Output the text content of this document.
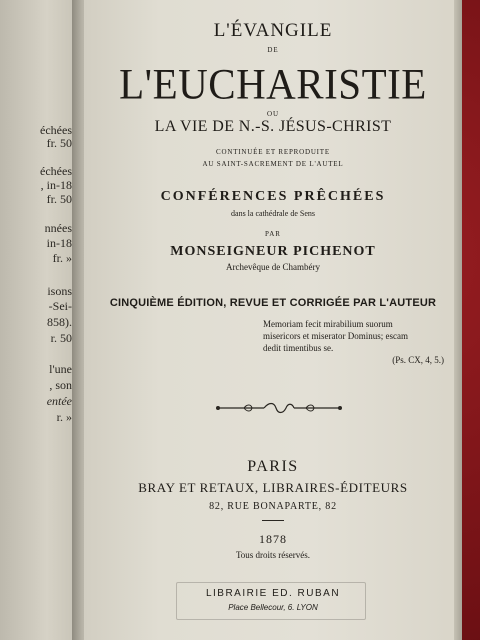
échées
fr. 50
échées
, in-18
fr. 50
nnées
in-18
fr. »
isons
-Sei-
858).
r. 50
l'une
, son
entée
r. »
L'ÉVANGILE
DE
L'EUCHARISTIE
OU
LA VIE DE N.-S. JÉSUS-CHRIST
CONTINUÉE ET REPRODUITE
AU SAINT-SACREMENT DE L'AUTEL
CONFÉRENCES PRÊCHÉES
dans la cathédrale de Sens
PAR
MONSEIGNEUR PICHENOT
Archevêque de Chambéry
CINQUIÈME ÉDITION, REVUE ET CORRIGÉE PAR L'AUTEUR
Memoriam fecit mirabilium suorum
misericors et miserator Dominus; escam
dedit timentibus se.
(Ps. CX, 4, 5.)
PARIS
BRAY ET RETAUX, LIBRAIRES-ÉDITEURS
82, RUE BONAPARTE, 82
1878
Tous droits réservés.
LIBRAIRIE ED. RUBAN
Place Bellecour, 6. LYON
